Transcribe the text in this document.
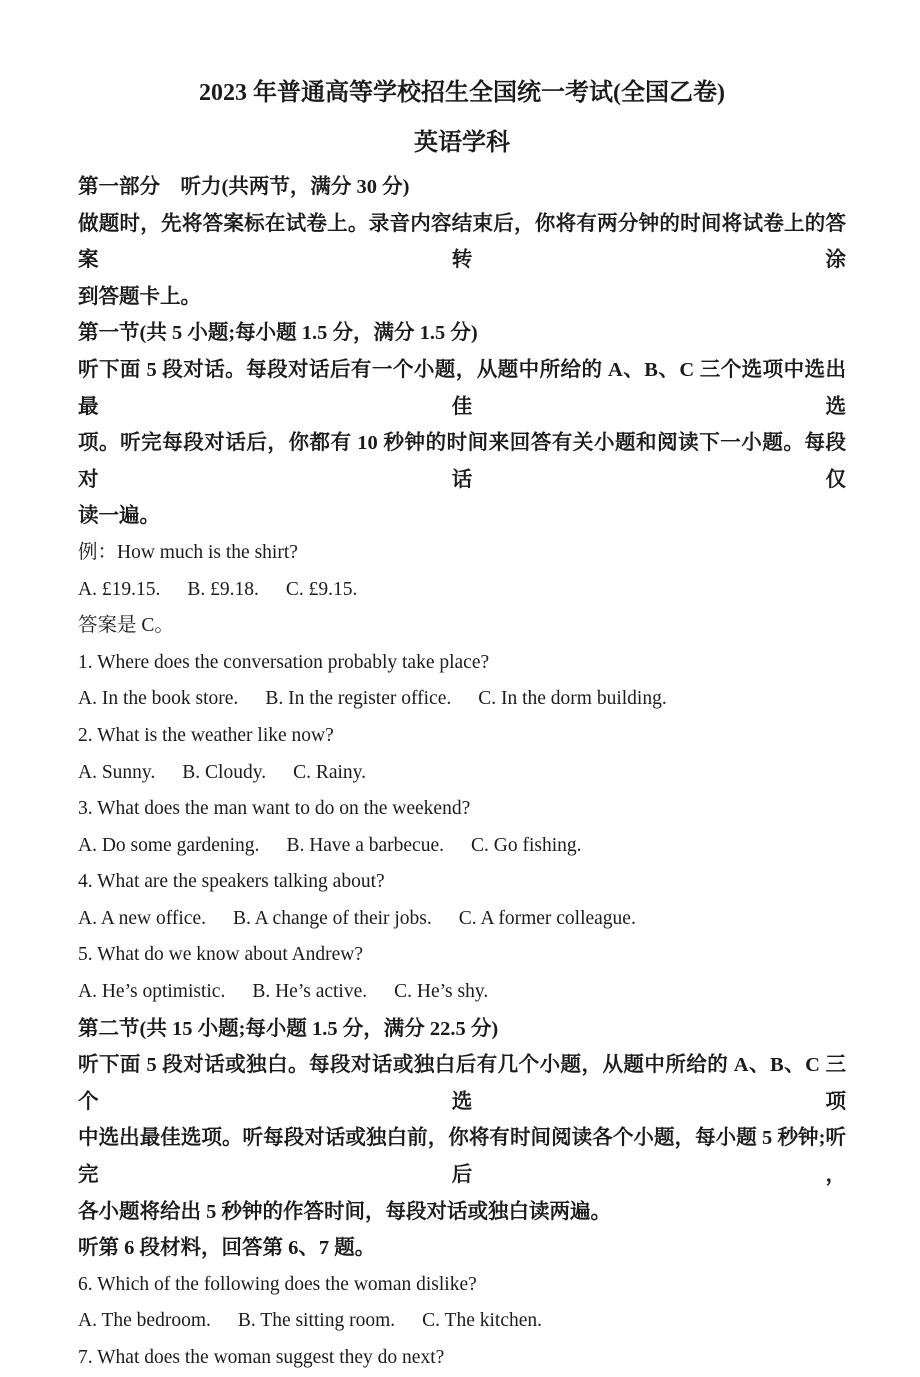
2023 年普通高等学校招生全国统一考试(全国乙卷)
英语学科
第一部分　听力(共两节，满分 30 分)
做题时，先将答案标在试卷上。录音内容结束后，你将有两分钟的时间将试卷上的答案转涂
到答题卡上。
第一节(共 5 小题;每小题 1.5 分，满分 1.5 分)
听下面 5 段对话。每段对话后有一个小题，从题中所给的 A、B、C 三个选项中选出最佳选
项。听完每段对话后，你都有 10 秒钟的时间来回答有关小题和阅读下一小题。每段对话仅
读一遍。
例：How much is the shirt?
A. £19.15. B. £9.18. C. £9.15.
答案是 C。
1. Where does the conversation probably take place?
A. In the book store. B. In the register office. C. In the dorm building.
2. What is the weather like now?
A. Sunny. B. Cloudy. C. Rainy.
3. What does the man want to do on the weekend?
A. Do some gardening. B. Have a barbecue. C. Go fishing.
4. What are the speakers talking about?
A. A new office. B. A change of their jobs. C. A former colleague.
5. What do we know about Andrew?
A. He’s optimistic. B. He’s active. C. He’s shy.
第二节(共 15 小题;每小题 1.5 分，满分 22.5 分)
听下面 5 段对话或独白。每段对话或独白后有几个小题，从题中所给的 A、B、C 三个选项
中选出最佳选项。听每段对话或独白前，你将有时间阅读各个小题，每小题 5 秒钟;听完后，
各小题将给出 5 秒钟的作答时间，每段对话或独白读两遍。
听第 6 段材料，回答第 6、7 题。
6. Which of the following does the woman dislike?
A. The bedroom. B. The sitting room. C. The kitchen.
7. What does the woman suggest they do next?
